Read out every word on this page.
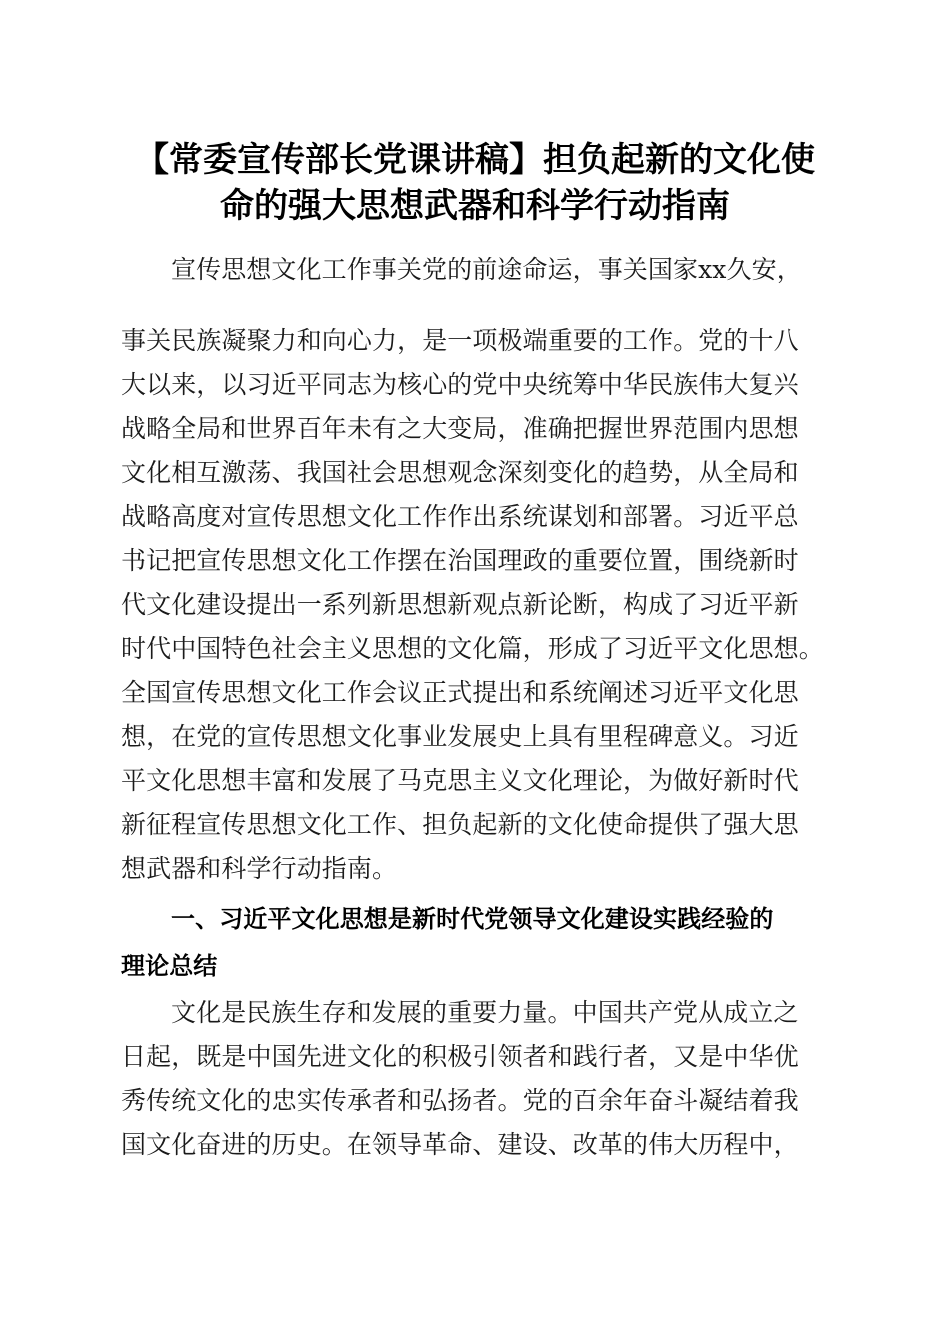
【常委宣传部长党课讲稿】担负起新的文化使
命的强大思想武器和科学行动指南
宣传思想文化工作事关党的前途命运，事关国家xx久安，
事关民族凝聚力和向心力，是一项极端重要的工作。党的十八
大以来，以习近平同志为核心的党中央统筹中华民族伟大复兴
战略全局和世界百年未有之大变局，准确把握世界范围内思想
文化相互激荡、我国社会思想观念深刻变化的趋势，从全局和
战略高度对宣传思想文化工作作出系统谋划和部署。习近平总
书记把宣传思想文化工作摆在治国理政的重要位置，围绕新时
代文化建设提出一系列新思想新观点新论断，构成了习近平新
时代中国特色社会主义思想的文化篇，形成了习近平文化思想。
全国宣传思想文化工作会议正式提出和系统阐述习近平文化思
想，在党的宣传思想文化事业发展史上具有里程碑意义。习近
平文化思想丰富和发展了马克思主义文化理论，为做好新时代
新征程宣传思想文化工作、担负起新的文化使命提供了强大思
想武器和科学行动指南。
一、习近平文化思想是新时代党领导文化建设实践经验的
理论总结
文化是民族生存和发展的重要力量。中国共产党从成立之
日起，既是中国先进文化的积极引领者和践行者，又是中华优
秀传统文化的忠实传承者和弘扬者。党的百余年奋斗凝结着我
国文化奋进的历史。在领导革命、建设、改革的伟大历程中，
